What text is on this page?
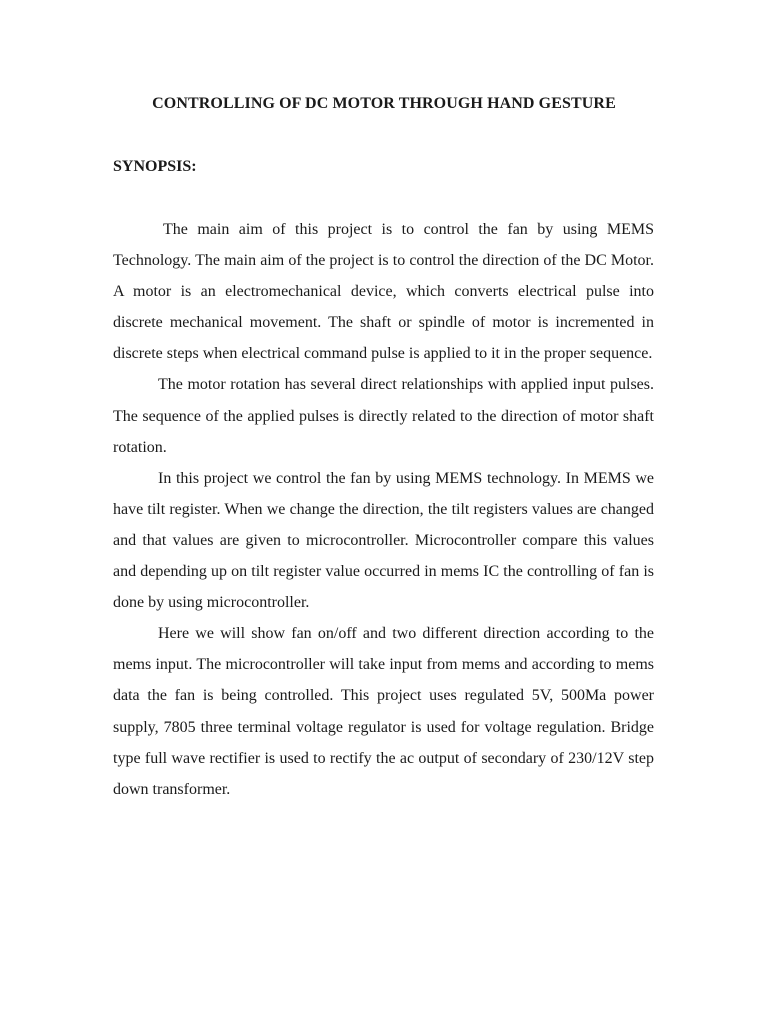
CONTROLLING OF DC MOTOR THROUGH HAND GESTURE
SYNOPSIS:

The main aim of this project is to control the fan by using MEMS Technology. The main aim of the project is to control the direction of the DC Motor. A motor is an electromechanical device, which converts electrical pulse into discrete mechanical movement. The shaft or spindle of motor is incremented in discrete steps when electrical command pulse is applied to it in the proper sequence.

The motor rotation has several direct relationships with applied input pulses. The sequence of the applied pulses is directly related to the direction of motor shaft rotation.

In this project we control the fan by using MEMS technology. In MEMS we have tilt register. When we change the direction, the tilt registers values are changed and that values are given to microcontroller. Microcontroller compare this values and depending up on tilt register value occurred in mems IC the controlling of fan is done by using microcontroller.

Here we will show fan on/off and two different direction according to the mems input. The microcontroller will take input from mems and according to mems data the fan is being controlled. This project uses regulated 5V, 500Ma power supply, 7805 three terminal voltage regulator is used for voltage regulation. Bridge type full wave rectifier is used to rectify the ac output of secondary of 230/12V step down transformer.
